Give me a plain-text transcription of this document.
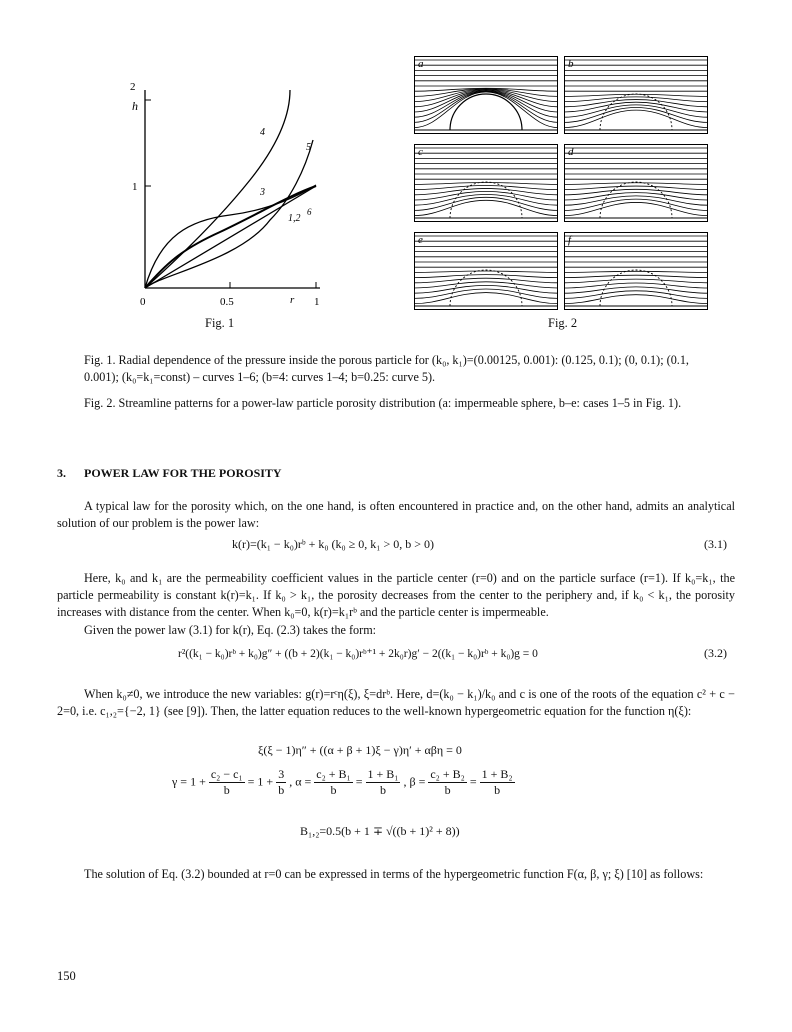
2
h
1
0	0.5	r 1
4
5
3
1,2
6
Fig. 1
a	b
c	d
e	f
Fig. 2
Fig. 1. Radial dependence of the pressure inside the porous particle for (k₀, k₁)=(0.00125, 0.001): (0.125, 0.1); (0, 0.1); (0.1, 0.001); (k₀=k₁=const) – curves 1–6; (b=4: curves 1–4; b=0.25: curve 5).
Fig. 2. Streamline patterns for a power-law particle porosity distribution (a: impermeable sphere, b–e: cases 1–5 in Fig. 1).
3. POWER LAW FOR THE POROSITY
A typical law for the porosity which, on the one hand, is often encountered in practice and, on the other hand, admits an analytical solution of our problem is the power law:
k(r)=(k₁ − k₀)rᵇ + k₀ (k₀ ≥ 0, k₁ > 0, b > 0)	(3.1)
Here, k₀ and k₁ are the permeability coefficient values in the particle center (r=0) and on the particle surface (r=1). If k₀=k₁, the particle permeability is constant k(r)=k₁. If k₀ > k₁, the porosity decreases from the center to the periphery and, if k₀ < k₁, the porosity increases with distance from the center. When k₀=0, k(r)=k₁rᵇ and the particle center is impermeable.
Given the power law (3.1) for k(r), Eq. (2.3) takes the form:
r²((k₁ − k₀)rᵇ + k₀)g″ + ((b + 2)(k₁ − k₀)rᵇ⁺¹ + 2k₀r)g′ − 2((k₁ − k₀)rᵇ + k₀)g = 0	(3.2)
When k₀≠0, we introduce the new variables: g(r)=rᶜη(ξ), ξ=drᵇ. Here, d=(k₀ − k₁)/k₀ and c is one of the roots of the equation c² + c − 2=0, i.e. c₁,₂={−2, 1} (see [9]). Then, the latter equation reduces to the well-known hypergeometric equation for the function η(ξ):
ξ(ξ − 1)η″ + ((α + β + 1)ξ − γ)η′ + αβη = 0
$\gamma = 1 + \frac{\text{c₂ − c₁}}{b} = 1 + \frac{3}{b}$ , $\alpha = \frac{\text{c₂ + B₁}}{b} = \frac{\text{1 + B₁}}{b}$ , $\beta = \frac{\text{c₂ + B₂}}{b} = \frac{\text{1 + B₂}}{b}$
B₁,₂=0.5(b + 1 ∓ √((b + 1)² + 8))
The solution of Eq. (3.2) bounded at r=0 can be expressed in terms of the hypergeometric function F(α, β, γ; ξ) [10] as follows:
150
